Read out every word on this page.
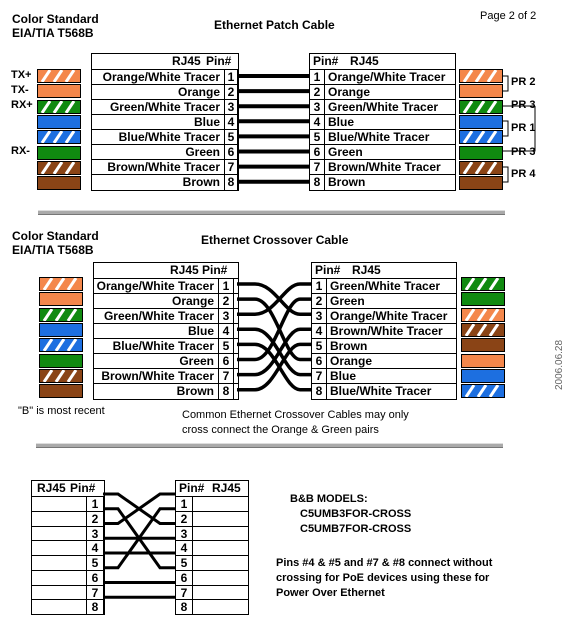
Color Standard
EIA/TIA T568B
Ethernet Patch Cable
Page 2 of 2
RJ45 Pin#
Orange/White Tracer 1
Orange 2
Green/White Tracer 3
Blue 4
Blue/White Tracer 5
Green 6
Brown/White Tracer 7
Brown 8
RJ45
Pin#
Orange/White Tracer
1
Orange
2
Green/White Tracer
3
Blue
4
Blue/White Tracer
5
Green
6
Brown/White Tracer
7
Brown
8
TX+
TX-
RX+
RX-
PR 2
PR 3
PR 1
PR 3
PR 4
Color Standard
EIA/TIA T568B
Ethernet Crossover Cable
RJ45 Pin#
Orange/White Tracer 1
Orange 2
Green/White Tracer 3
Blue 4
Blue/White Tracer 5
Green 6
Brown/White Tracer 7
Brown 8
RJ45
Pin#
Green/White Tracer
1
Green
2
Orange/White Tracer
3
Brown/White Tracer
4
Brown
5
Orange
6
Blue
7
Blue/White Tracer
8
"B" is most recent	Common Ethernet Crossover Cables may only
cross connect the Orange & Green pairs
2006.06.28
RJ45 Pin#
1
2
3
4
5
6
7
8
RJ45
Pin#
1
2
3
4
5
6
7
8
B&B MODELS:
C5UMB3FOR-CROSS
C5UMB7FOR-CROSS
Pins #4 & #5 and #7 & #8 connect without
crossing for PoE devices using these for
Power Over Ethernet
